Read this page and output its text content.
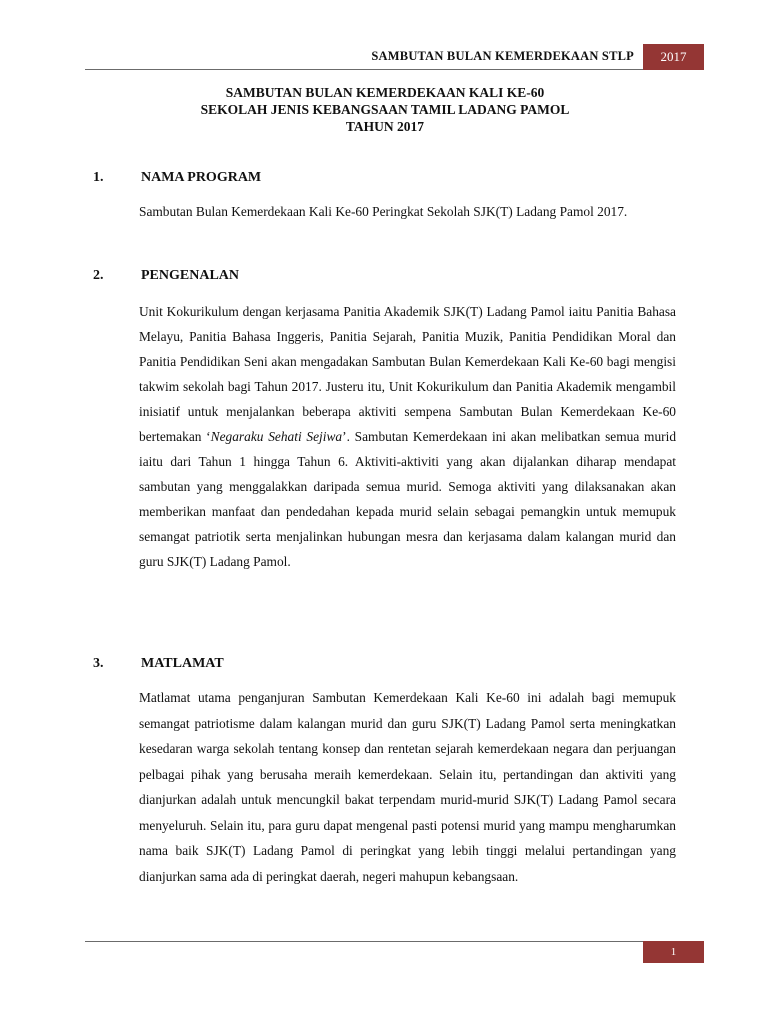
SAMBUTAN BULAN KEMERDEKAAN STLP	2017
SAMBUTAN BULAN KEMERDEKAAN KALI KE-60
SEKOLAH JENIS KEBANGSAAN TAMIL LADANG PAMOL
TAHUN 2017
1.	NAMA PROGRAM

Sambutan Bulan Kemerdekaan Kali Ke-60 Peringkat Sekolah SJK(T) Ladang Pamol 2017.

2.	PENGENALAN

Unit Kokurikulum dengan kerjasama Panitia Akademik SJK(T) Ladang Pamol iaitu Panitia Bahasa Melayu, Panitia Bahasa Inggeris, Panitia Sejarah, Panitia Muzik, Panitia Pendidikan Moral dan Panitia Pendidikan Seni akan mengadakan Sambutan Bulan Kemerdekaan Kali Ke-60 bagi mengisi takwim sekolah bagi Tahun 2017. Justeru itu, Unit Kokurikulum dan Panitia Akademik mengambil inisiatif untuk menjalankan beberapa aktiviti sempena Sambutan Bulan Kemerdekaan Ke-60 bertemakan ‘Negaraku Sehati Sejiwa’. Sambutan Kemerdekaan ini akan melibatkan semua murid iaitu dari Tahun 1 hingga Tahun 6. Aktiviti-aktiviti yang akan dijalankan diharap mendapat sambutan yang menggalakkan daripada semua murid. Semoga aktiviti yang dilaksanakan akan memberikan manfaat dan pendedahan kepada murid selain sebagai pemangkin untuk memupuk semangat patriotik serta menjalinkan hubungan mesra dan kerjasama dalam kalangan murid dan guru SJK(T) Ladang Pamol.

3.	MATLAMAT

Matlamat utama penganjuran Sambutan Kemerdekaan Kali Ke-60 ini adalah bagi memupuk semangat patriotisme dalam kalangan murid dan guru SJK(T) Ladang Pamol serta meningkatkan kesedaran warga sekolah tentang konsep dan rentetan sejarah kemerdekaan negara dan perjuangan pelbagai pihak yang berusaha meraih kemerdekaan. Selain itu, pertandingan dan aktiviti yang dianjurkan adalah untuk mencungkil bakat terpendam murid-murid SJK(T) Ladang Pamol secara menyeluruh. Selain itu, para guru dapat mengenal pasti potensi murid yang mampu mengharumkan nama baik SJK(T) Ladang Pamol di peringkat yang lebih tinggi melalui pertandingan yang dianjurkan sama ada di peringkat daerah, negeri mahupun kebangsaan.

1
